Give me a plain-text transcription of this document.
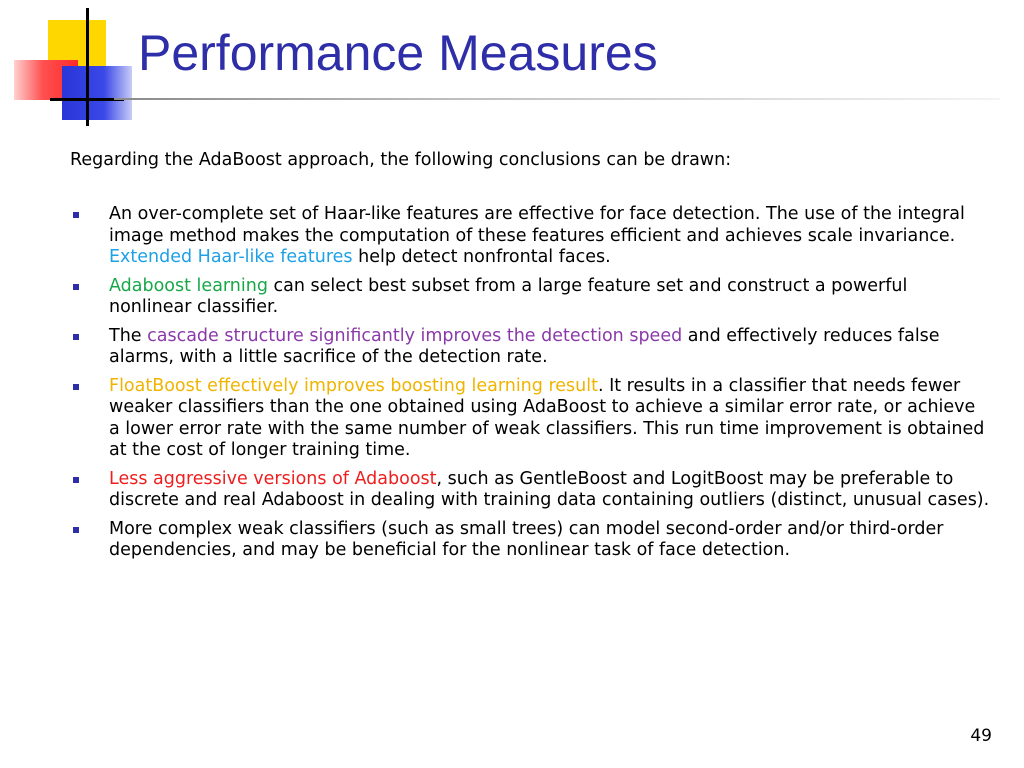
Performance Measures

Regarding the AdaBoost approach, the following conclusions can be drawn:

An over-complete set of Haar-like features are effective for face detection. The use of the integral image method makes the computation of these features efficient and achieves scale invariance. Extended Haar-like features help detect nonfrontal faces.
Adaboost learning can select best subset from a large feature set and construct a powerful nonlinear classifier.
The cascade structure significantly improves the detection speed and effectively reduces false alarms, with a little sacrifice of the detection rate.
FloatBoost effectively improves boosting learning result. It results in a classifier that needs fewer weaker classifiers than the one obtained using AdaBoost to achieve a similar error rate, or achieve a lower error rate with the same number of weak classifiers. This run time improvement is obtained at the cost of longer training time.
Less aggressive versions of Adaboost, such as GentleBoost and LogitBoost may be preferable to discrete and real Adaboost in dealing with training data containing outliers (distinct, unusual cases).
More complex weak classifiers (such as small trees) can model second-order and/or third-order dependencies, and may be beneficial for the nonlinear task of face detection.
49
